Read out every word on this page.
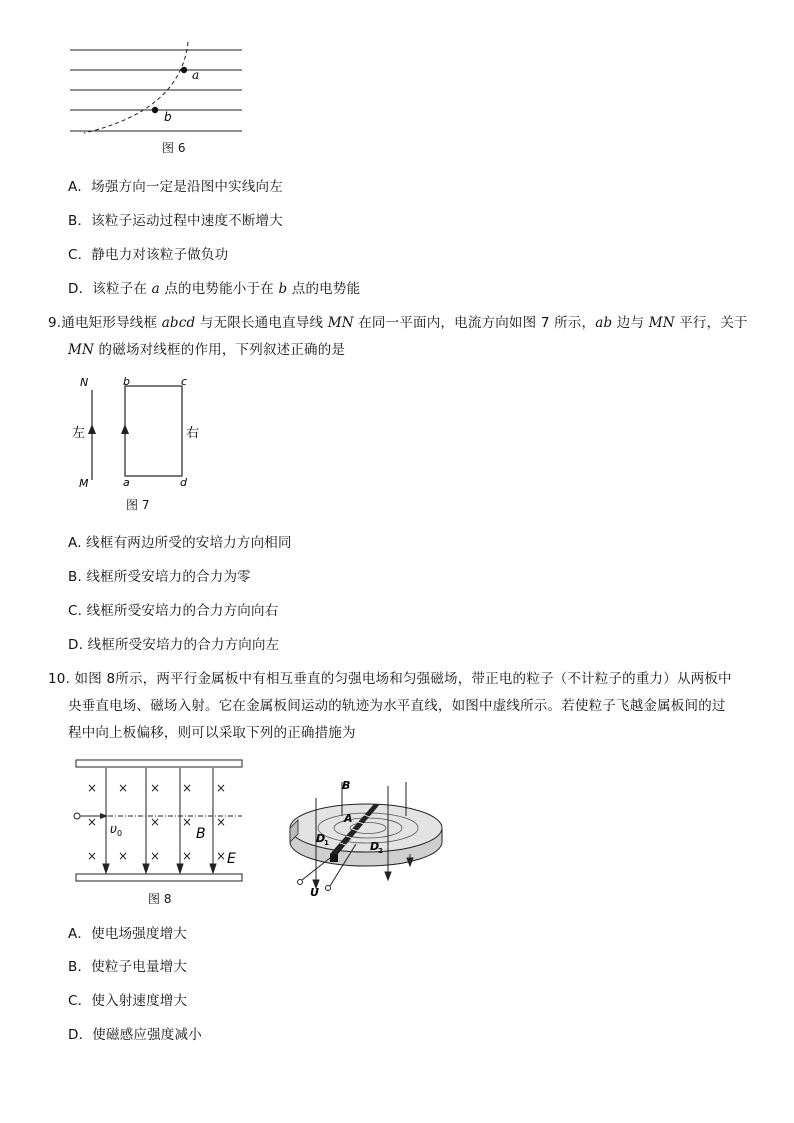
a
b
图 6
A．场强方向一定是沿图中实线向左
B．该粒子运动过程中速度不断增大
C．静电力对该粒子做负功
D．该粒子在 a 点的电势能小于在 b 点的电势能
9.通电矩形导线框 abcd 与无限长通电直导线 MN 在同一平面内，电流方向如图 7 所示，ab 边与 MN 平行，关于
MN 的磁场对线框的作用，下列叙述正确的是
N
M
左	右
b	c
a	d
图 7
A. 线框有两边所受的安培力方向相同
B. 线框所受安培力的合力为零
C. 线框所受安培力的合力方向向右
D. 线框所受安培力的合力方向向左
10. 如图 8所示，两平行金属板中有相互垂直的匀强电场和匀强磁场，带正电的粒子（不计粒子的重力）从两板中
央垂直电场、磁场入射。它在金属板间运动的轨迹为水平直线，如图中虚线所示。若使粒子飞越金属板间的过
程中向上板偏移，则可以采取下列的正确措施为
× × × × ×
×	× × ×
× × × × ×
υ 0	B
E
图 8
B
A
D
1	D
2
U
A．使电场强度增大
B．使粒子电量增大
C．使入射速度增大
D．使磁感应强度减小
